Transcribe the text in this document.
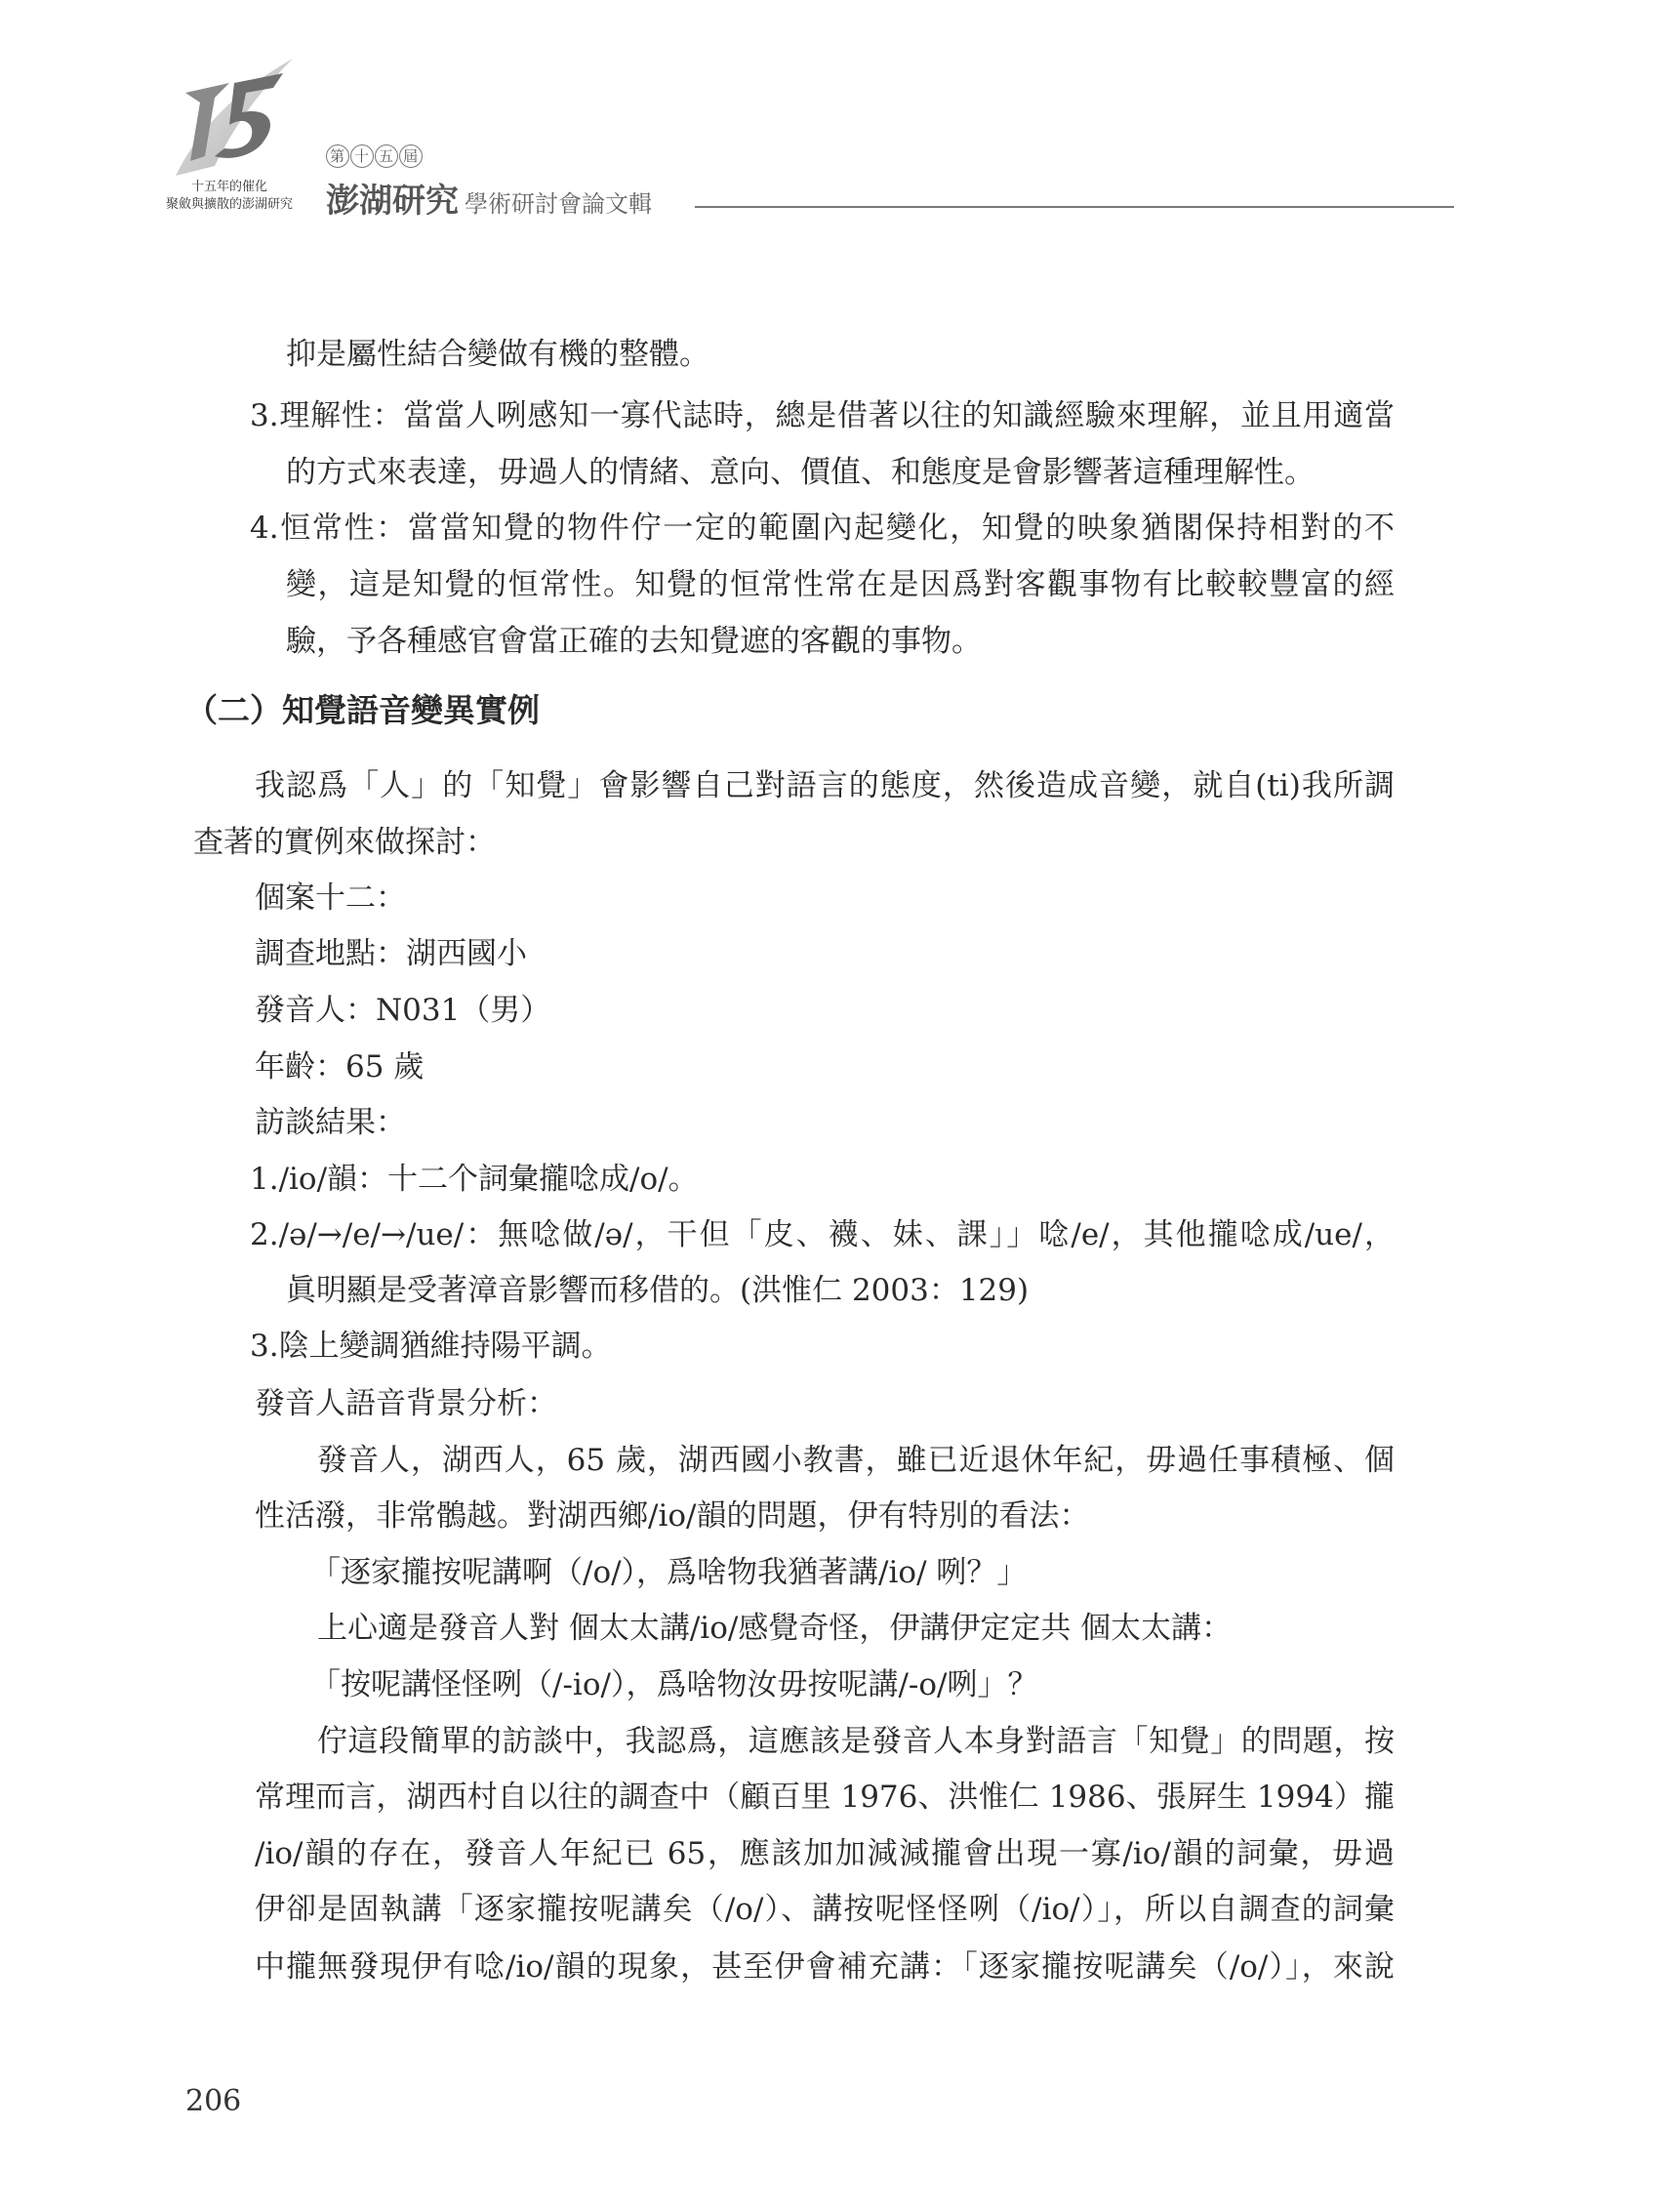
十五年的催化
聚斂與擴散的澎湖研究
第 十 五 屆
澎湖研究 學術研討會論文輯
抑是屬性結合變做有機的整體。
3.理解性：當當人咧感知一寡代誌時，總是借著以往的知識經驗來理解，並且用適當
的方式來表達，毋過人的情緒、意向、價值、和態度是會影響著這種理解性。
4.恒常性：當當知覺的物件佇一定的範圍內起變化，知覺的映象猶閣保持相對的不
變，這是知覺的恒常性。知覺的恒常性常在是因爲對客觀事物有比較較豐富的經
驗，予各種感官會當正確的去知覺遮的客觀的事物。
（二）知覺語音變異實例
我認爲「人」的「知覺」會影響自己對語言的態度，然後造成音變，就自(ti)我所調
查著的實例來做探討：
個案十二：
調查地點：湖西國小
發音人：N031（男）
年齡：65 歲
訪談結果：
1./io/韻：十二个詞彙攏唸成/o/。
2./ə/→/e/→/ue/：無唸做/ə/，干但「皮、襪、妹、課」」唸/e/，其他攏唸成/ue/，
眞明顯是受著漳音影響而移借的。(洪惟仁 2003：129)
3.陰上變調猶維持陽平調。
發音人語音背景分析：
發音人，湖西人，65 歲，湖西國小教書，雖已近退休年紀，毋過任事積極、個
性活潑，非常鶻越。對湖西鄉/io/韻的問題，伊有特別的看法：
「逐家攏按呢講啊（/o/），爲啥物我猶著講/io/ 咧？」
上心適是發音人對 個太太講/io/感覺奇怪，伊講伊定定共 個太太講：
「按呢講怪怪咧（/-io/），爲啥物汝毋按呢講/-o/咧」？
佇這段簡單的訪談中，我認爲，這應該是發音人本身對語言「知覺」的問題，按
常理而言，湖西村自以往的調查中（顧百里 1976、洪惟仁 1986、張屛生 1994）攏
/io/韻的存在，發音人年紀已 65，應該加加減減攏會出現一寡/io/韻的詞彙，毋過
伊卻是固執講「逐家攏按呢講矣（/o/）、講按呢怪怪咧（/io/）」，所以自調查的詞彙
中攏無發現伊有唸/io/韻的現象，甚至伊會補充講：「逐家攏按呢講矣（/o/）」，來說
206
